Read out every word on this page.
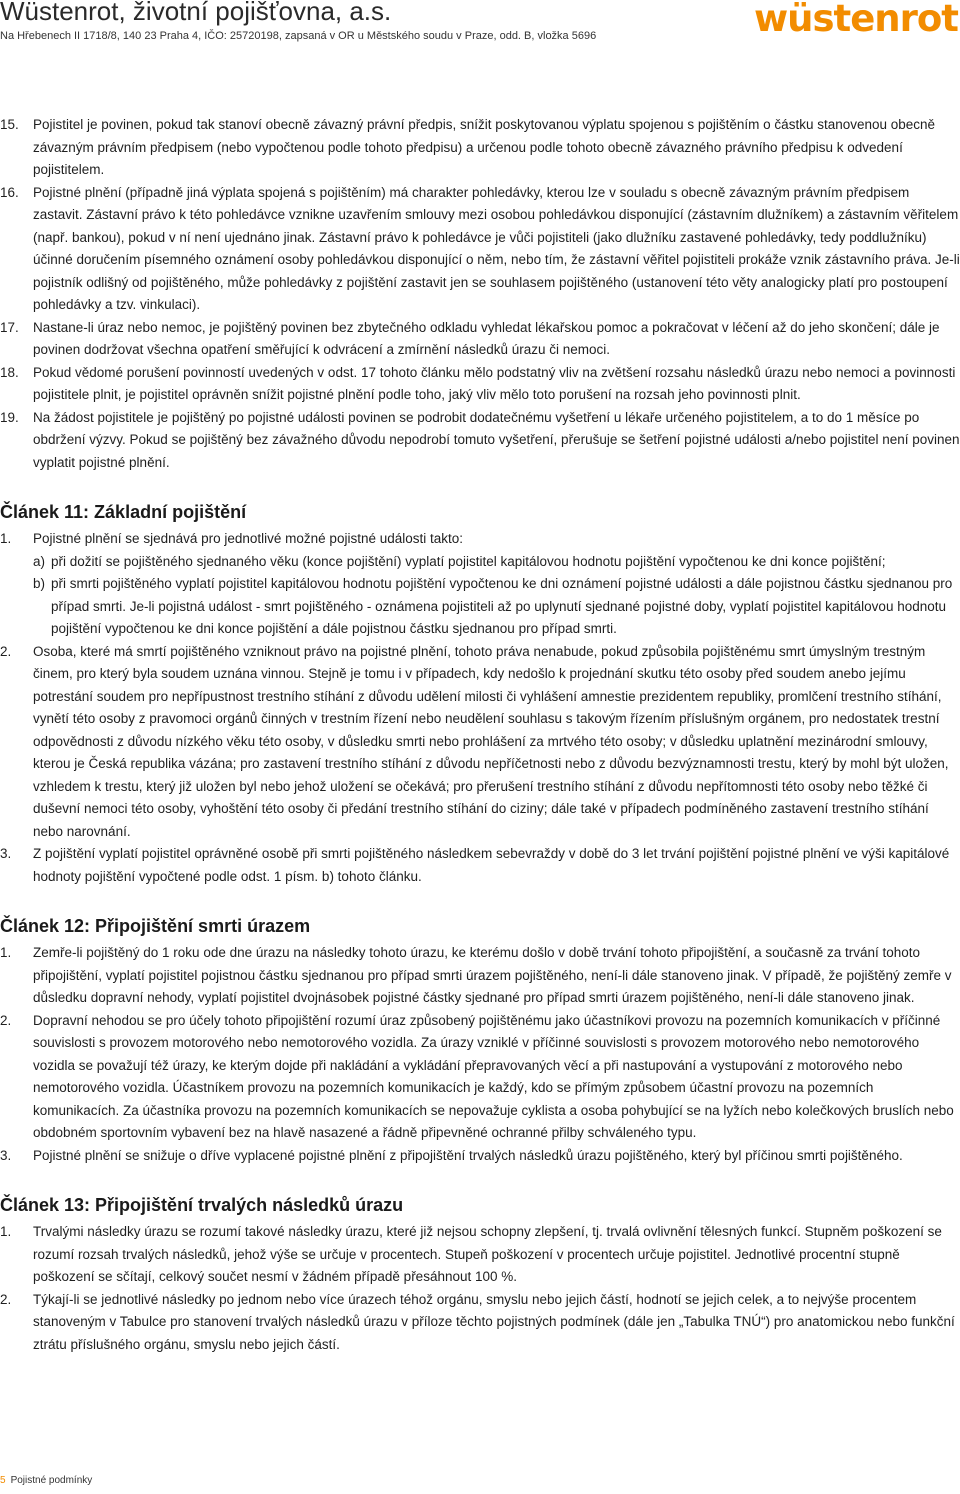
Wüstenrot, životní pojišťovna, a.s.
Na Hřebenech II 1718/8, 140 23 Praha 4, IČO: 25720198, zapsaná v OR u Městského soudu v Praze, odd. B, vložka 5696	wüstenrot
15. Pojistitel je povinen, pokud tak stanoví obecně závazný právní předpis, snížit poskytovanou výplatu spojenou s pojištěním o částku stanovenou obecně závazným právním předpisem (nebo vypočtenou podle tohoto předpisu) a určenou podle tohoto obecně závazného právního předpisu k odvedení pojistitelem.
16. Pojistné plnění (případně jiná výplata spojená s pojištěním) má charakter pohledávky, kterou lze v souladu s obecně závazným právním předpisem zastavit. Zástavní právo k této pohledávce vznikne uzavřením smlouvy mezi osobou pohledávkou disponující (zástavním dlužníkem) a zástavním věřitelem (např. bankou), pokud v ní není ujednáno jinak. Zástavní právo k pohledávce je vůči pojistiteli (jako dlužníku zastavené pohledávky, tedy poddlužníku) účinné doručením písemného oznámení osoby pohledávkou disponující o něm, nebo tím, že zástavní věřitel pojistiteli prokáže vznik zástavního práva. Je-li pojistník odlišný od pojištěného, může pohledávky z pojištění zastavit jen se souhlasem pojištěného (ustanovení této věty analogicky platí pro postoupení pohledávky a tzv. vinkulaci).
17. Nastane-li úraz nebo nemoc, je pojištěný povinen bez zbytečného odkladu vyhledat lékařskou pomoc a pokračovat v léčení až do jeho skončení; dále je povinen dodržovat všechna opatření směřující k odvrácení a zmírnění následků úrazu či nemoci.
18. Pokud vědomé porušení povinností uvedených v odst. 17 tohoto článku mělo podstatný vliv na zvětšení rozsahu následků úrazu nebo nemoci a povinnosti pojistitele plnit, je pojistitel oprávněn snížit pojistné plnění podle toho, jaký vliv mělo toto porušení na rozsah jeho povinnosti plnit.
19. Na žádost pojistitele je pojištěný po pojistné události povinen se podrobit dodatečnému vyšetření u lékaře určeného pojistitelem, a to do 1 měsíce po obdržení výzvy. Pokud se pojištěný bez závažného důvodu nepodrobí tomuto vyšetření, přerušuje se šetření pojistné události a/nebo pojistitel není povinen vyplatit pojistné plnění.
Článek 11: Základní pojištění
1. Pojistné plnění se sjednává pro jednotlivé možné pojistné události takto:
a) při dožití se pojištěného sjednaného věku (konce pojištění) vyplatí pojistitel kapitálovou hodnotu pojištění vypočtenou ke dni konce pojištění;
b) při smrti pojištěného vyplatí pojistitel kapitálovou hodnotu pojištění vypočtenou ke dni oznámení pojistné události a dále pojistnou částku sjednanou pro případ smrti. Je-li pojistná událost - smrt pojištěného - oznámena pojistiteli až po uplynutí sjednané pojistné doby, vyplatí pojistitel kapitálovou hodnotu pojištění vypočtenou ke dni konce pojištění a dále pojistnou částku sjednanou pro případ smrti.
2. Osoba, které má smrtí pojištěného vzniknout právo na pojistné plnění, tohoto práva nenabude, pokud způsobila pojištěnému smrt úmyslným trestným činem, pro který byla soudem uznána vinnou. Stejně je tomu i v případech, kdy nedošlo k projednání skutku této osoby před soudem anebo jejímu potrestání soudem pro nepřípustnost trestního stíhání z důvodu udělení milosti či vyhlášení amnestie prezidentem republiky, promlčení trestního stíhání, vynětí této osoby z pravomoci orgánů činných v trestním řízení nebo neudělení souhlasu s takovým řízením příslušným orgánem, pro nedostatek trestní odpovědnosti z důvodu nízkého věku této osoby, v důsledku smrti nebo prohlášení za mrtvého této osoby; v důsledku uplatnění mezinárodní smlouvy, kterou je Česká republika vázána; pro zastavení trestního stíhání z důvodu nepříčetnosti nebo z důvodu bezvýznamnosti trestu, který by mohl být uložen, vzhledem k trestu, který již uložen byl nebo jehož uložení se očekává; pro přerušení trestního stíhání z důvodu nepřítomnosti této osoby nebo těžké či duševní nemoci této osoby, vyhoštění této osoby či předání trestního stíhání do ciziny; dále také v případech podmíněného zastavení trestního stíhání nebo narovnání.
3. Z pojištění vyplatí pojistitel oprávněné osobě při smrti pojištěného následkem sebevraždy v době do 3 let trvání pojištění pojistné plnění ve výši kapitálové hodnoty pojištění vypočtené podle odst. 1 písm. b) tohoto článku.
Článek 12: Připojištění smrti úrazem
1. Zemře-li pojištěný do 1 roku ode dne úrazu na následky tohoto úrazu, ke kterému došlo v době trvání tohoto připojištění, a současně za trvání tohoto připojištění, vyplatí pojistitel pojistnou částku sjednanou pro případ smrti úrazem pojištěného, není-li dále stanoveno jinak. V případě, že pojištěný zemře v důsledku dopravní nehody, vyplatí pojistitel dvojnásobek pojistné částky sjednané pro případ smrti úrazem pojištěného, není-li dále stanoveno jinak.
2. Dopravní nehodou se pro účely tohoto připojištění rozumí úraz způsobený pojištěnému jako účastníkovi provozu na pozemních komunikacích v příčinné souvislosti s provozem motorového nebo nemotorového vozidla. Za úrazy vzniklé v příčinné souvislosti s provozem motorového nebo nemotorového vozidla se považují též úrazy, ke kterým dojde při nakládání a vykládání přepravovaných věcí a při nastupování a vystupování z motorového nebo nemotorového vozidla. Účastníkem provozu na pozemních komunikacích je každý, kdo se přímým způsobem účastní provozu na pozemních komunikacích. Za účastníka provozu na pozemních komunikacích se nepovažuje cyklista a osoba pohybující se na lyžích nebo kolečkových bruslích nebo obdobném sportovním vybavení bez na hlavě nasazené a řádně připevněné ochranné přilby schváleného typu.
3. Pojistné plnění se snižuje o dříve vyplacené pojistné plnění z připojištění trvalých následků úrazu pojištěného, který byl příčinou smrti pojištěného.
Článek 13: Připojištění trvalých následků úrazu
1. Trvalými následky úrazu se rozumí takové následky úrazu, které již nejsou schopny zlepšení, tj. trvalá ovlivnění tělesných funkcí. Stupněm poškození se rozumí rozsah trvalých následků, jehož výše se určuje v procentech. Stupeň poškození v procentech určuje pojistitel. Jednotlivé procentní stupně poškození se sčítají, celkový součet nesmí v žádném případě přesáhnout 100 %.
2. Týkají-li se jednotlivé následky po jednom nebo více úrazech téhož orgánu, smyslu nebo jejich částí, hodnotí se jejich celek, a to nejvýše procentem stanoveným v Tabulce pro stanovení trvalých následků úrazu v příloze těchto pojistných podmínek (dále jen „Tabulka TNÚ“) pro anatomickou nebo funkční ztrátu příslušného orgánu, smyslu nebo jejich částí.
5 Pojistné podmínky
